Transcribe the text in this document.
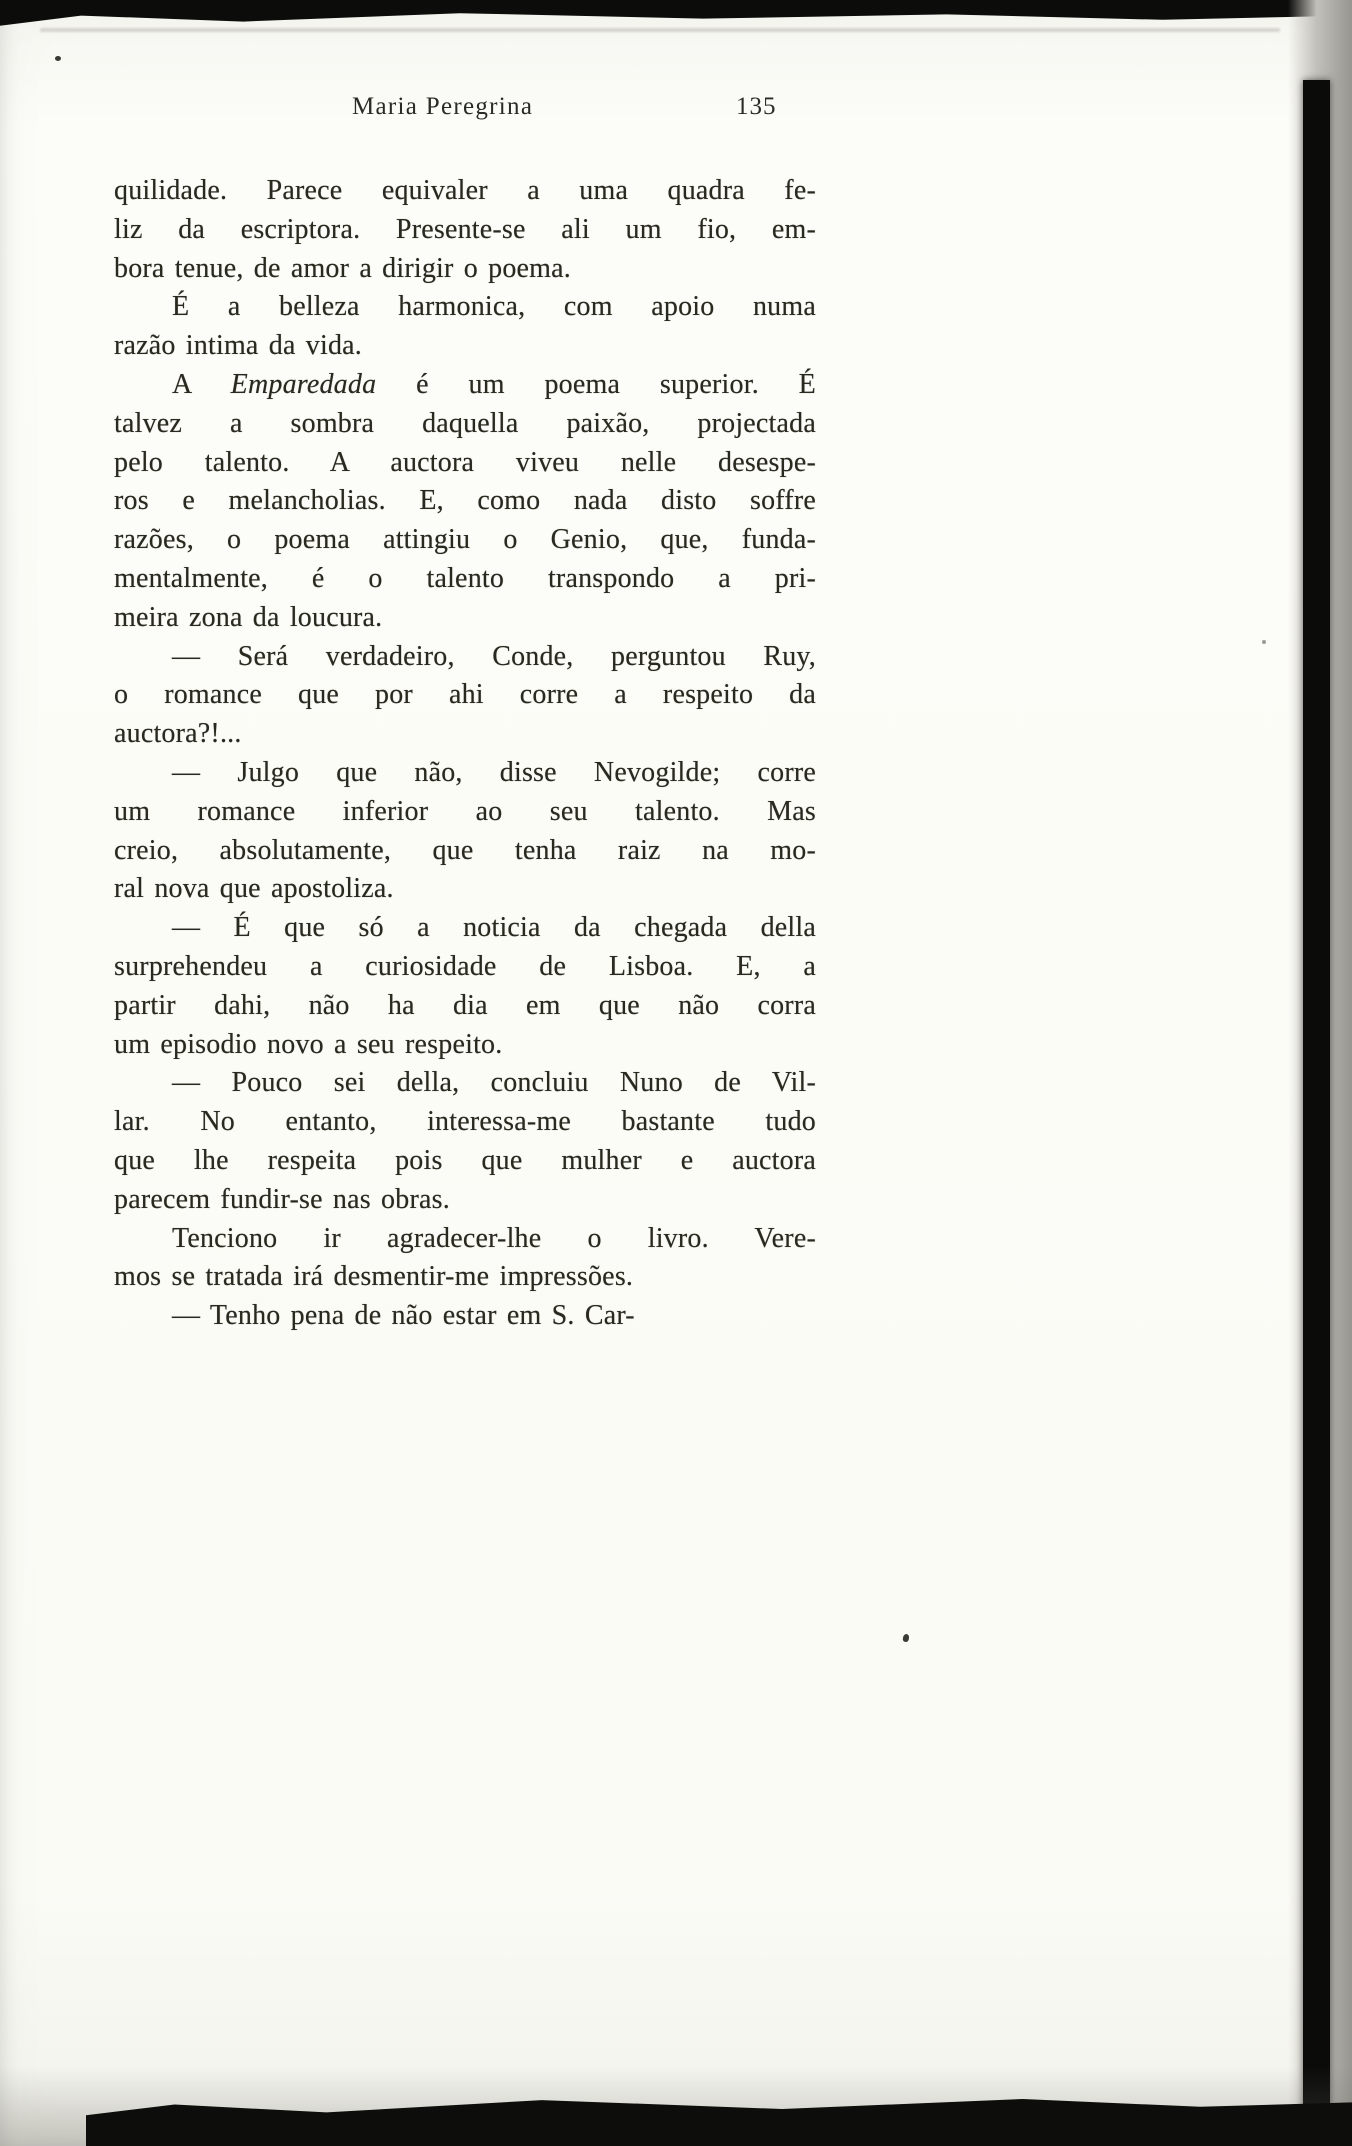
Maria Peregrina	135
quilidade. Parece equivaler a uma quadra fe-
liz da escriptora. Presente-se ali um fio, em-
bora tenue, de amor a dirigir o poema.
É a belleza harmonica, com apoio numa
razão intima da vida.
A Emparedada é um poema superior. É
talvez a sombra daquella paixão, projectada
pelo talento. A auctora viveu nelle desespe-
ros e melancholias. E, como nada disto soffre
razões, o poema attingiu o Genio, que, funda-
mentalmente, é o talento transpondo a pri-
meira zona da loucura.
— Será verdadeiro, Conde, perguntou Ruy,
o romance que por ahi corre a respeito da
auctora?!...
— Julgo que não, disse Nevogilde; corre
um romance inferior ao seu talento. Mas
creio, absolutamente, que tenha raiz na mo-
ral nova que apostoliza.
— É que só a noticia da chegada della
surprehendeu a curiosidade de Lisboa. E, a
partir dahi, não ha dia em que não corra
um episodio novo a seu respeito.
— Pouco sei della, concluiu Nuno de Vil-
lar. No entanto, interessa-me bastante tudo
que lhe respeita pois que mulher e auctora
parecem fundir-se nas obras.
Tenciono ir agradecer-lhe o livro. Vere-
mos se tratada irá desmentir-me impressões.
— Tenho pena de não estar em S. Car-
